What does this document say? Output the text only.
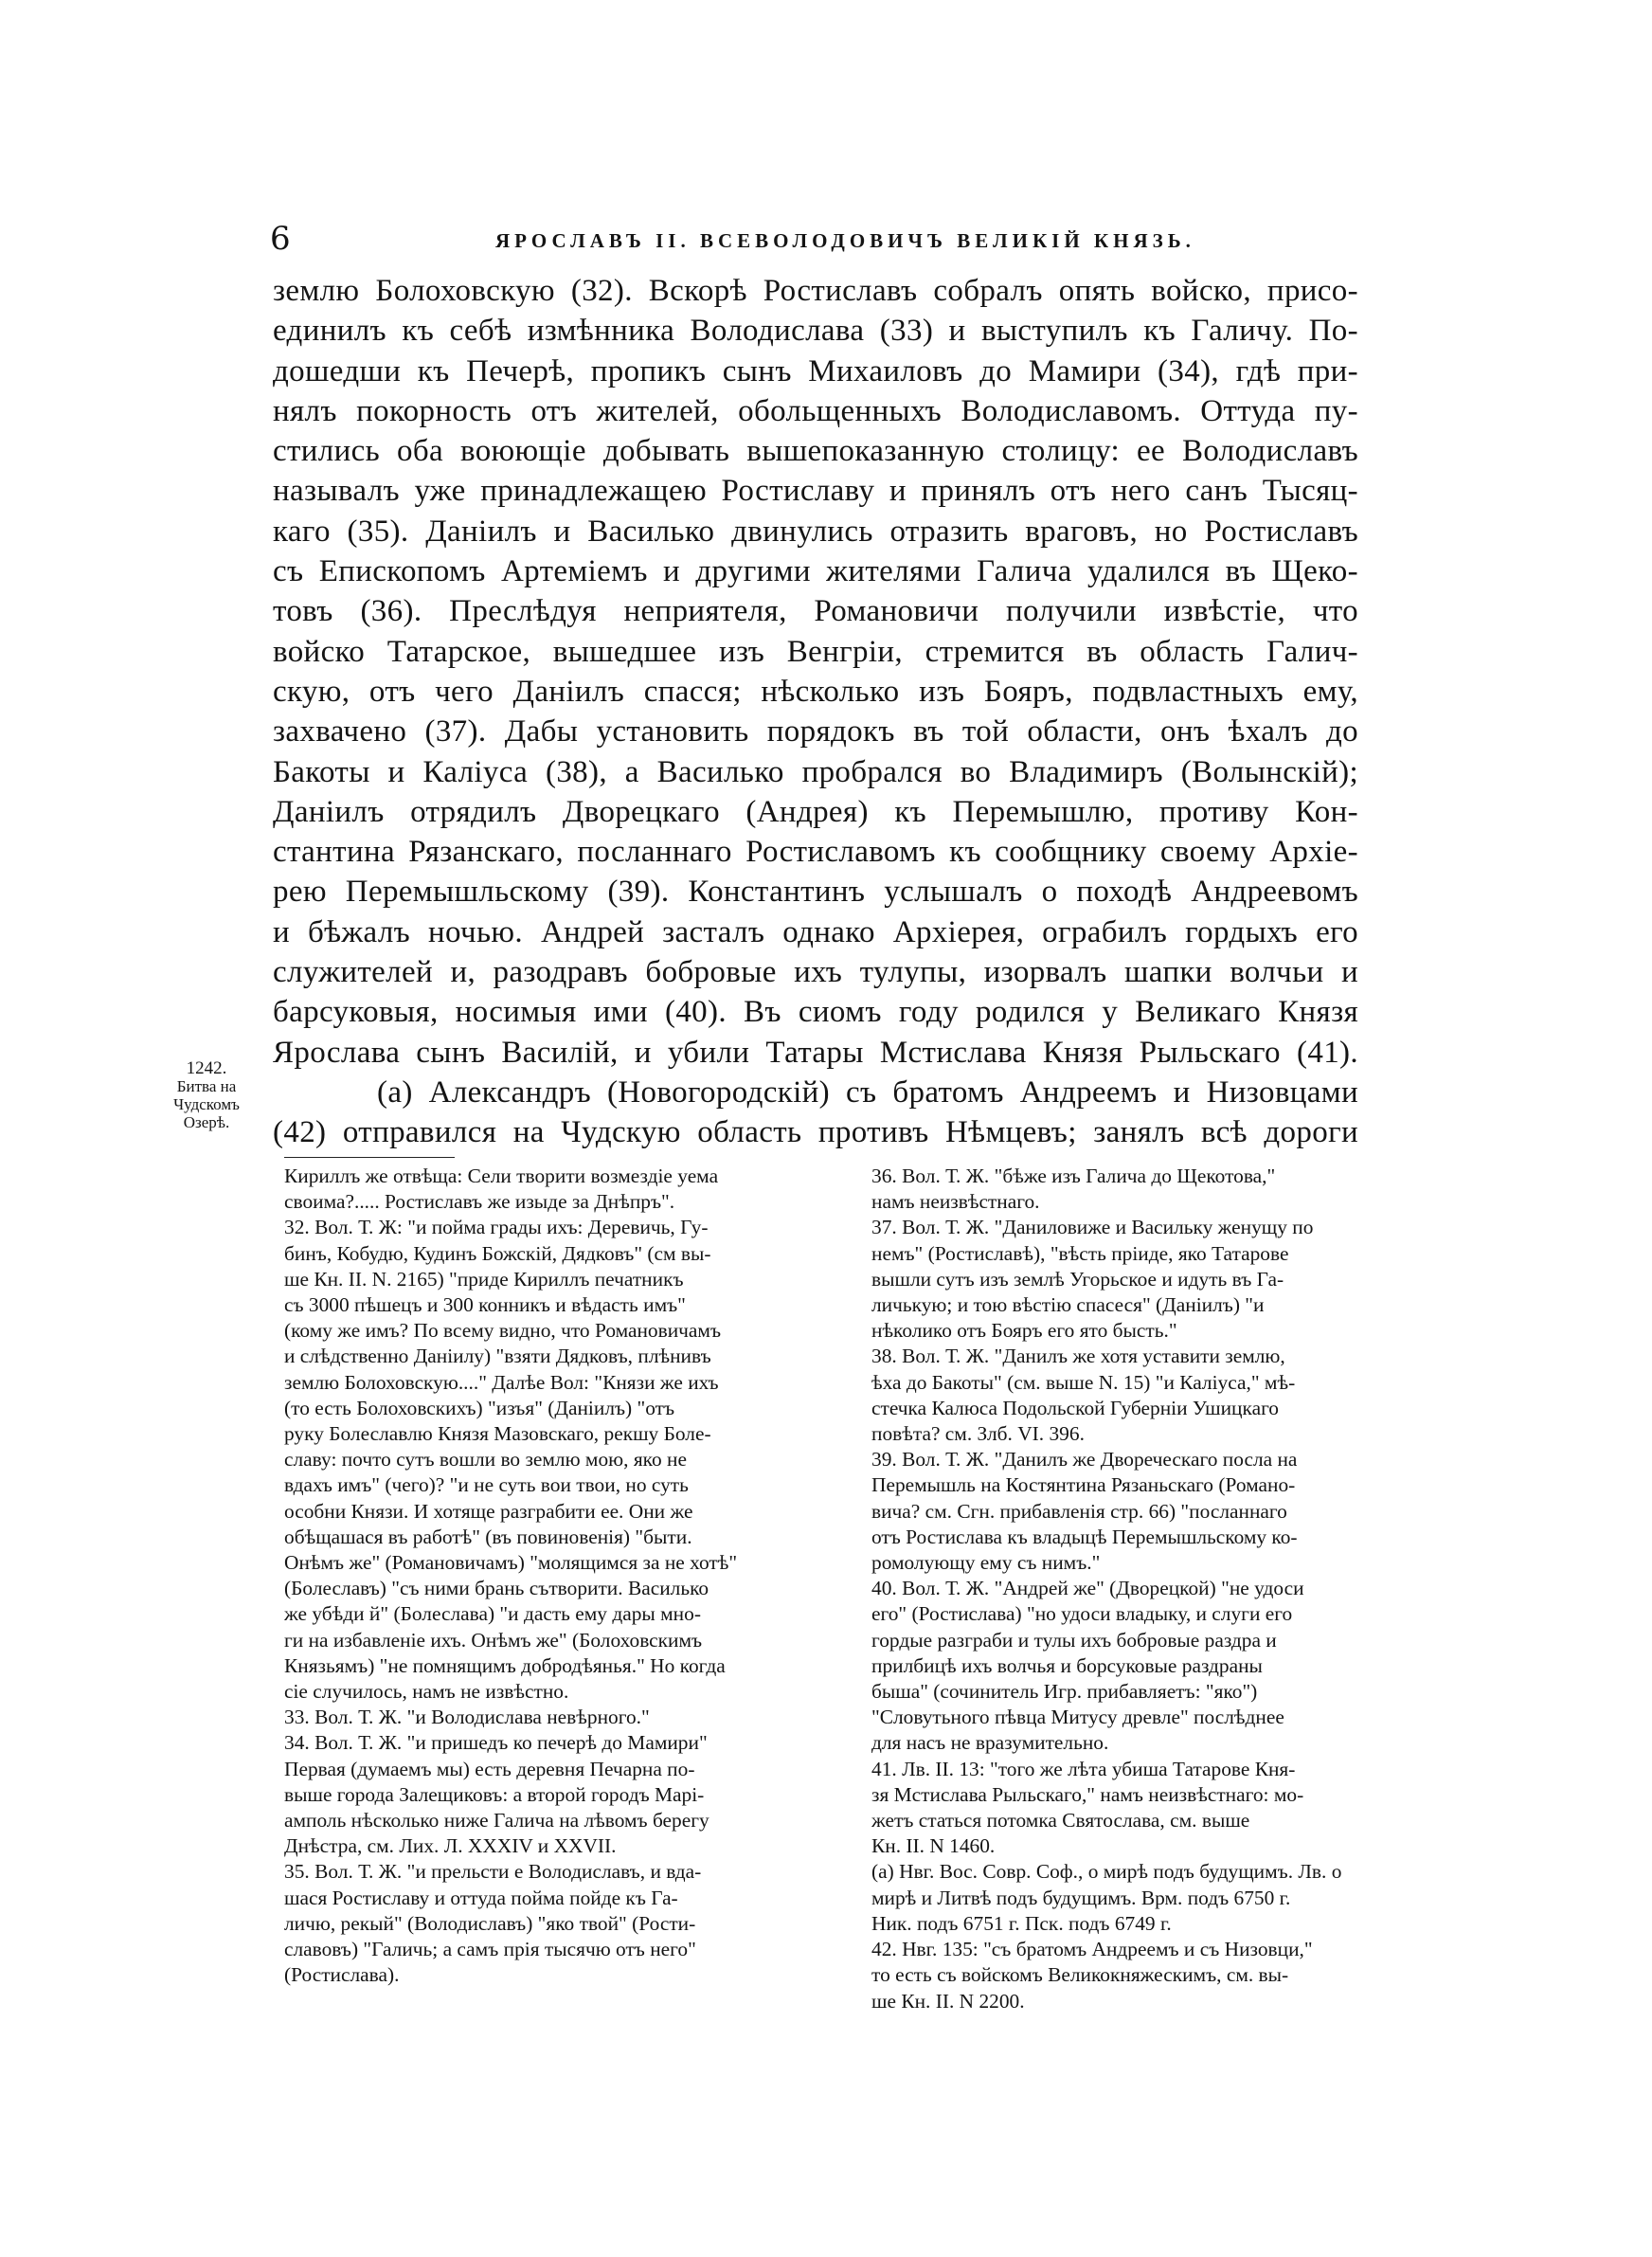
6	ЯРОСЛАВЪ II. ВСЕВОЛОДОВИЧЪ ВЕЛИКІЙ КНЯЗЬ.
1242.
Битва на
Чудскомъ
Озерѣ.
землю Болоховскую (32). Вскорѣ Ростиславъ собралъ опять войско, присо-
единилъ къ себѣ измѣнника Володислава (33) и выступилъ къ Галичу. По-
дошедши къ Печерѣ, пропикъ сынъ Михаиловъ до Мамири (34), гдѣ при-
нялъ покорность отъ жителей, обольщенныхъ Володиславомъ. Оттуда пу-
стились оба воюющіе добывать вышепоказанную столицу: ее Володиславъ
называлъ уже принадлежащею Ростиславу и принялъ отъ него санъ Тысяц-
каго (35). Даніилъ и Василько двинулись отразить враговъ, но Ростиславъ
съ Епископомъ Артеміемъ и другими жителями Галича удалился въ Щеко-
товъ (36). Преслѣдуя неприятеля, Романовичи получили извѣстіе, что
войско Татарское, вышедшее изъ Венгріи, стремится въ область Галич-
скую, отъ чего Даніилъ спасся; нѣсколько изъ Бояръ, подвластныхъ ему,
захвачено (37). Дабы установить порядокъ въ той области, онъ ѣхалъ до
Бакоты и Каліуса (38), а Василько пробрался во Владимиръ (Волынскій);
Даніилъ отрядилъ Дворецкаго (Андрея) къ Перемышлю, противу Кон-
стантина Рязанскаго, посланнаго Ростиславомъ къ сообщнику своему Архіе-
рею Перемышльскому (39). Константинъ услышалъ о походѣ Андреевомъ
и бѣжалъ ночью. Андрей засталъ однако Архіерея, ограбилъ гордыхъ его
служителей и, разодравъ бобровые ихъ тулупы, изорвалъ шапки волчьи и
барсуковыя, носимыя ими (40). Въ сиомъ году родился у Великаго Князя
Ярослава сынъ Василій, и убили Татары Мстислава Князя Рыльскаго (41).
(а) Александръ (Новогородскій) съ братомъ Андреемъ и Низовцами
(42) отправился на Чудскую область противъ Нѣмцевъ; занялъ всѣ дороги
Кириллъ же отвѣща: Сели творити возмездіе уема
своима?..... Ростиславъ же изыде за Днѣпръ".
32. Вол. Т. Ж: "и пойма грады ихъ: Деревичь, Гу-
бинъ, Кобудю, Кудинъ Божскій, Дядковъ" (см вы-
ше Кн. II. N. 2165) "приде Кириллъ печатникъ
съ 3000 пѣшецъ и 300 конникъ и вѣдасть имъ"
(кому же имъ? По всему видно, что Романовичамъ
и слѣдственно Даніилу) "взяти Дядковъ, плѣнивъ
землю Болоховскую...." Далѣе Вол: "Князи же ихъ
(то есть Болоховскихъ) "изъя" (Даніилъ) "отъ
руку Болеславлю Князя Мазовскаго, рекшу Боле-
славу: почто сутъ вошли во землю мою, яко не
вдахъ имъ" (чего)? "и не суть вои твои, но суть
особни Князи. И хотяще разграбити ее. Они же
обѣщашася въ работѣ" (въ повиновенія) "быти.
Онѣмъ же" (Романовичамъ) "молящимся за не хотѣ"
(Болеславъ) "съ ними брань сътворити. Василько
же убѣди й" (Болеслава) "и дасть ему дары мно-
ги на избавленіе ихъ. Онѣмъ же" (Болоховскимъ
Князьямъ) "не помнящимъ добродѣянья." Но когда
сіе случилось, намъ не извѣстно.
33. Вол. Т. Ж. "и Володислава невѣрного."
34. Вол. Т. Ж. "и пришедъ ко печерѣ до Мамири"
Первая (думаемъ мы) есть деревня Печарна по-
выше города Залещиковъ: а второй городъ Марі-
амполь нѣсколько ниже Галича на лѣвомъ берегу
Днѣстра, см. Лих. Л. XXXIV и XXVII.
35. Вол. Т. Ж. "и прельсти е Володиславъ, и вда-
шася Ростиславу и оттуда пойма пойде къ Га-
личю, рекый" (Володиславъ) "яко твой" (Рости-
славовъ) "Галичь; а самъ прія тысячю отъ него"
(Ростислава).
36. Вол. Т. Ж. "бѣже изъ Галича до Щекотова,"
намъ неизвѣстнаго.
37. Вол. Т. Ж. "Даниловиже и Васильку женущу по
немъ" (Ростиславѣ), "вѣсть пріиде, яко Татарове
вышли сутъ изъ землѣ Угорьское и идуть въ Га-
личькую; и тою вѣстію спасеся" (Даніилъ) "и
нѣколико отъ Бояръ его ято бысть."
38. Вол. Т. Ж. "Данилъ же хотя уставити землю,
ѣха до Бакоты" (см. выше N. 15) "и Каліуса," мѣ-
стечка Калюса Подольской Губерніи Ушицкаго
повѣта? см. Злб. VI. 396.
39. Вол. Т. Ж. "Данилъ же Двореческаго посла на
Перемышль на Костянтина Рязаньскаго (Романо-
вича? см. Сгн. прибавленія стр. 66) "посланнаго
отъ Ростислава къ владыцѣ Перемышльскому ко-
ромолующу ему съ нимъ."
40. Вол. Т. Ж. "Андрей же" (Дворецкой) "не удоси
его" (Ростислава) "но удоси владыку, и слуги его
гордые разграби и тулы ихъ бобровые раздра и
прилбицѣ ихъ волчья и борсуковые раздраны
быша" (сочинитель Игр. прибавляетъ: "яко")
"Словутьного пѣвца Митусу древле" послѣднее
для насъ не вразумительно.
41. Лв. II. 13: "того же лѣта убиша Татарове Кня-
зя Мстислава Рыльскаго," намъ неизвѣстнаго: мо-
жетъ статься потомка Святослава, см. выше
Кн. II. N 1460.
(а) Нвг. Вос. Совр. Соф., о мирѣ подъ будущимъ. Лв. о
мирѣ и Литвѣ подъ будущимъ. Врм. подъ 6750 г.
Ник. подъ 6751 г. Пск. подъ 6749 г.
42. Нвг. 135: "съ братомъ Андреемъ и съ Низовци,"
то есть съ войскомъ Великокняжескимъ, см. вы-
ше Кн. II. N 2200.
